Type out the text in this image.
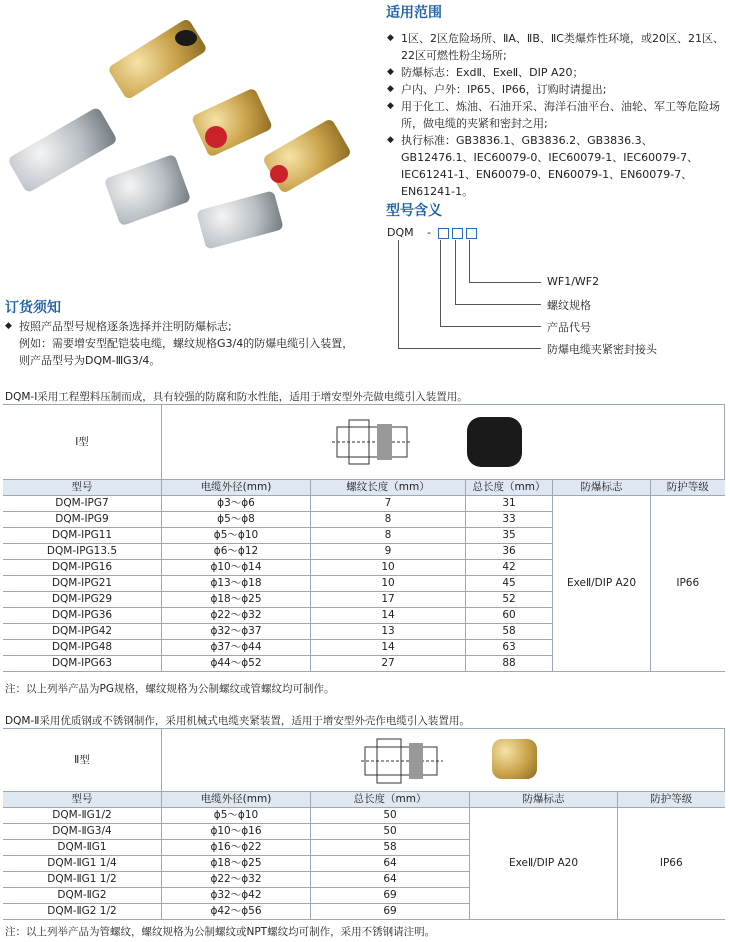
适用范围
◆ 1区、2区危险场所、ⅡA、ⅡB、ⅡC类爆炸性环境，或20区、21区、22区可燃性粉尘场所;
◆ 防爆标志：ExdⅡ、ExeⅡ、DIP A20；
◆ 户内、户外：IP65、IP66，订购时请提出;
◆ 用于化工、炼油、石油开采、海洋石油平台、油轮、军工等危险场所，做电缆的夹紧和密封之用;
◆ 执行标准：GB3836.1、GB3836.2、GB3836.3、GB12476.1、IEC60079-0、IEC60079-1、IEC60079-7、IEC61241-1、EN60079-0、EN60079-1、EN60079-7、EN61241-1。
型号含义
DQM -
WF1/WF2
螺纹规格
产品代号
防爆电缆夹紧密封接头
订货须知
◆ 按照产品型号规格逐条选择并注明防爆标志;
例如：需要增安型配铠装电缆，螺纹规格G3/4的防爆电缆引入装置，则产品型号为DQM-ⅢG3/4。
DQM-Ⅰ采用工程塑料压制而成，具有较强的防腐和防水性能，适用于增安型外壳做电缆引入装置用。
Ⅰ型	

型号	电缆外径(mm)	螺纹长度（mm）	总长度（mm）	防爆标志	防护等级
DQM-ⅠPG7	ϕ3～ϕ6	7	31	ExeⅡ/DIP A20	IP66
DQM-ⅠPG9	ϕ5～ϕ8	8	33		
DQM-ⅠPG11	ϕ5～ϕ10	8	35		
DQM-ⅠPG13.5	ϕ6～ϕ12	9	36		
DQM-ⅠPG16	ϕ10～ϕ14	10	42		
DQM-ⅠPG21	ϕ13～ϕ18	10	45		
DQM-ⅠPG29	ϕ18～ϕ25	17	52		
DQM-ⅠPG36	ϕ22～ϕ32	14	60		
DQM-ⅠPG42	ϕ32～ϕ37	13	58		
DQM-ⅠPG48	ϕ37～ϕ44	14	63		
DQM-ⅠPG63	ϕ44～ϕ52	27	88		
注：以上列举产品为PG规格，螺纹规格为公制螺纹或管螺纹均可制作。
DQM-Ⅱ采用优质钢或不锈钢制作，采用机械式电缆夹紧装置，适用于增安型外壳作电缆引入装置用。
Ⅱ型	

型号	电缆外径(mm)	总长度（mm）	防爆标志	防护等级
DQM-ⅡG1/2	ϕ5～ϕ10	50	ExeⅡ/DIP A20	IP66
DQM-ⅡG3/4	ϕ10～ϕ16	50		
DQM-ⅡG1	ϕ16～ϕ22	58		
DQM-ⅡG1 1/4	ϕ18～ϕ25	64		
DQM-ⅡG1 1/2	ϕ22～ϕ32	64		
DQM-ⅡG2	ϕ32～ϕ42	69		
DQM-ⅡG2 1/2	ϕ42～ϕ56	69		
注：以上列举产品为管螺纹，螺纹规格为公制螺纹或NPT螺纹均可制作，采用不锈钢请注明。
